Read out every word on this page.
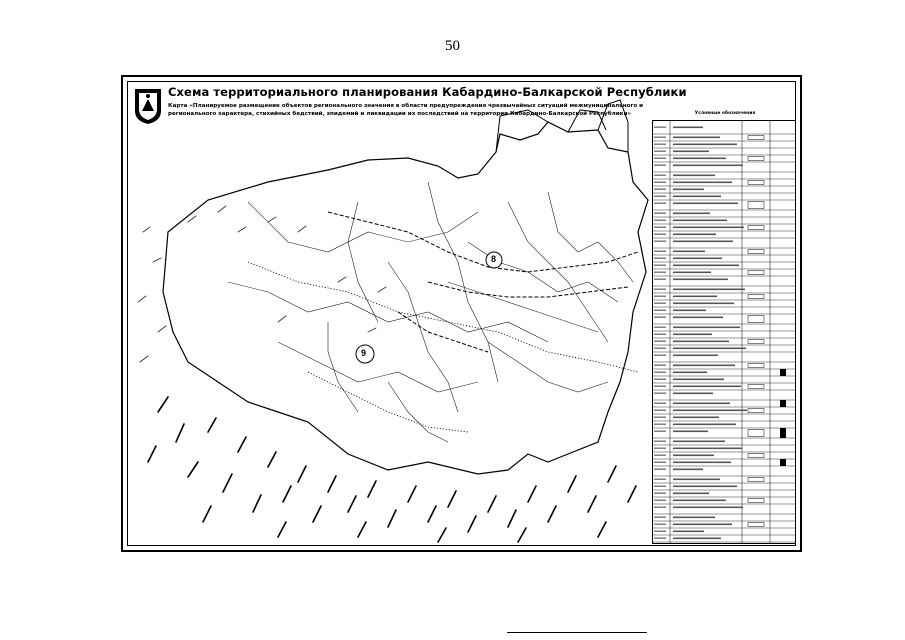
50
8
9
Схема территориального планирования Кабардино-Балкарской Республики
Карта «Планируемое размещение объектов регионального значения в области предупреждения чрезвычайных ситуаций межмуниципального и регионального характера, стихийных бедствий, эпидемий и ликвидации их последствий на территории Кабардино-Балкарской Республики»	Условные обозначения
